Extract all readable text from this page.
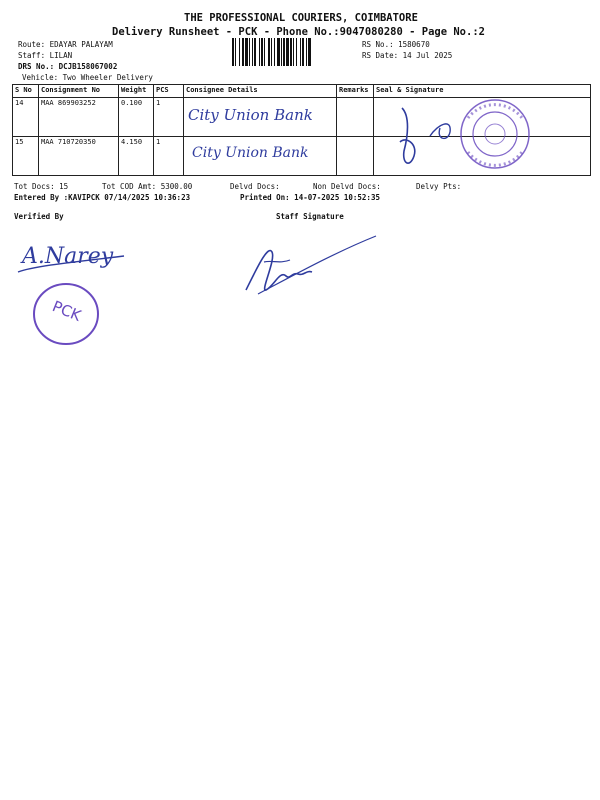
THE PROFESSIONAL COURIERS, COIMBATORE
Delivery Runsheet - PCK - Phone No.:9047080280 - Page No.:2
Route: EDAYAR PALAYAM
Staff: LILAN
DRS No.: DCJB158067002
Vehicle: Two Wheeler Delivery
RS No.: 1580670
RS Date: 14 Jul 2025
S No	Consignment No	Weight	PCS	Consignee Details	Remarks	Seal & Signature
14	MAA 869903252	0.100	1	City Union Bank		

15	MAA 710720350	4.150	1	City Union Bank		

Tot Docs: 15	Tot COD Amt: 5300.00	Delvd Docs:	Non Delvd Docs:	Delvy Pts:
Entered By :KAVIPCK 07/14/2025 10:36:23	Printed On: 14-07-2025 10:52:35
Verified By	Staff Signature
A.Narey
PCK
